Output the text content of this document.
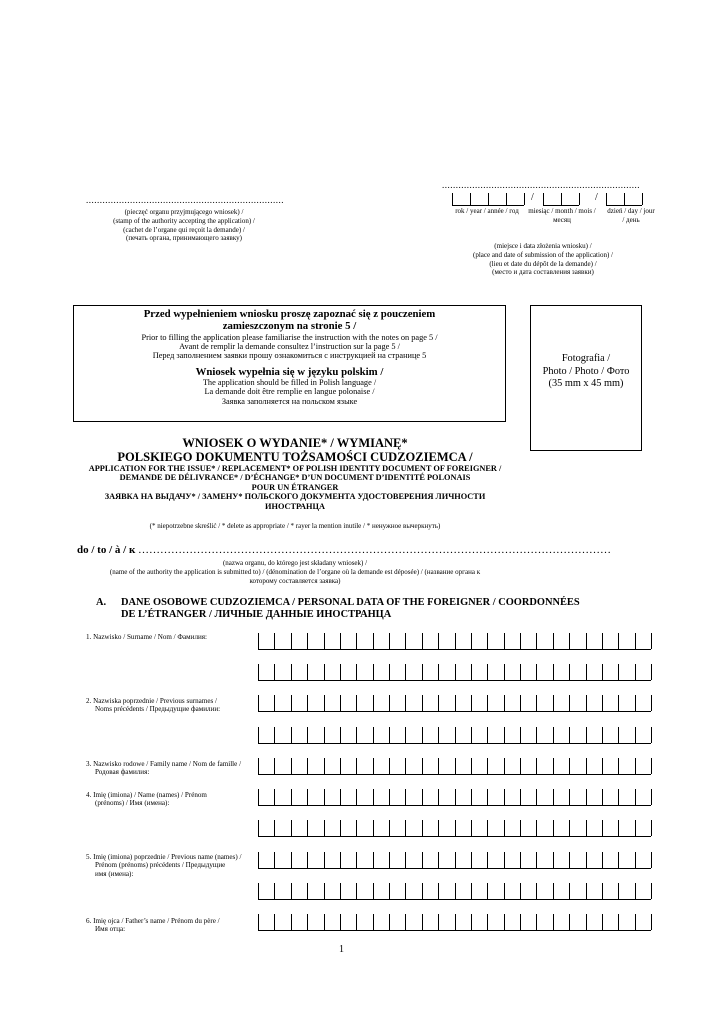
........................................................................
(pieczęć organu przyjmującego wniosek) /
(stamp of the authority accepting the application) /
(cachet de l’organe qui reçoit la demande) /
(печать органа, принимающего заявку)
........................................................................
/	/
rok / year / année / год	miesiąc / month / mois / месяц
dzień / day / jour / день
(miejsce i data złożenia wniosku) /
(place and date of submission of the application) /
(lieu et date du dépôt de la demande) /
(место и дата составления заявки)
Przed wypełnieniem wniosku proszę zapoznać się z pouczeniem zamieszczonym na stronie 5 /
Prior to filling the application please familiarise the instruction with the notes on page 5 /
Avant de remplir la demande consultez l’instruction sur la page 5 /
Перед заполнением заявки прошу ознакомиться с инструкцией на странице 5
Wniosek wypełnia się w języku polskim /
The application should be filled in Polish language /
La demande doit être remplie en langue polonaise /
Заявка заполняется на польском языке
Fotografia /
Photo / Photo / Фото
(35 mm x 45 mm)
WNIOSEK O WYDANIE* / WYMIANĘ*
POLSKIEGO DOKUMENTU TOŻSAMOŚCI CUDZOZIEMCA /
APPLICATION FOR THE ISSUE* / REPLACEMENT* OF POLISH IDENTITY DOCUMENT OF FOREIGNER /
DEMANDE DE DÉLIVRANCE* / D’ÉCHANGE* D’UN DOCUMENT D’IDENTITÉ POLONAIS
POUR UN ÉTRANGER
ЗАЯВКА НА ВЫДАЧУ* / ЗАМЕНУ* ПОЛЬСКОГО ДОКУМЕНТА УДОСТОВЕРЕНИЯ ЛИЧНОСТИ
ИНОСТРАНЦА
(* niepotrzebne skreślić / * delete as appropriate / * rayer la mention inutile / * ненужное вычеркнуть)
do / to / à / к …………………………………………………………………………………………………………………
(nazwa organu, do którego jest składany wniosek) /
(name of the authority the application is submitted to) / (dénomination de l’organe où la demande est déposée) / (название органа к
которому составляется заявка)
A. DANE OSOBOWE CUDZOZIEMCA / PERSONAL DATA OF THE FOREIGNER / COORDONNÉES
DE L’ÉTRANGER / ЛИЧНЫЕ ДАННЫЕ ИНОСТРАНЦА
1. Nazwisko / Surname / Nom / Фамилия:
2. Nazwiska poprzednie / Previous surnames /
Noms précédents / Предыдущие фамилии:
3. Nazwisko rodowe / Family name / Nom de famille /
Родовая фамилия:
4. Imię (imiona) / Name (names) / Prénom
(prénoms) / Имя (имена):
5. Imię (imiona) poprzednie / Previous name (names) /
Prénom (prénoms) précédents / Предыдущие
имя (имена):
6. Imię ojca / Father’s name / Prénom du père /
Имя отца:
1
